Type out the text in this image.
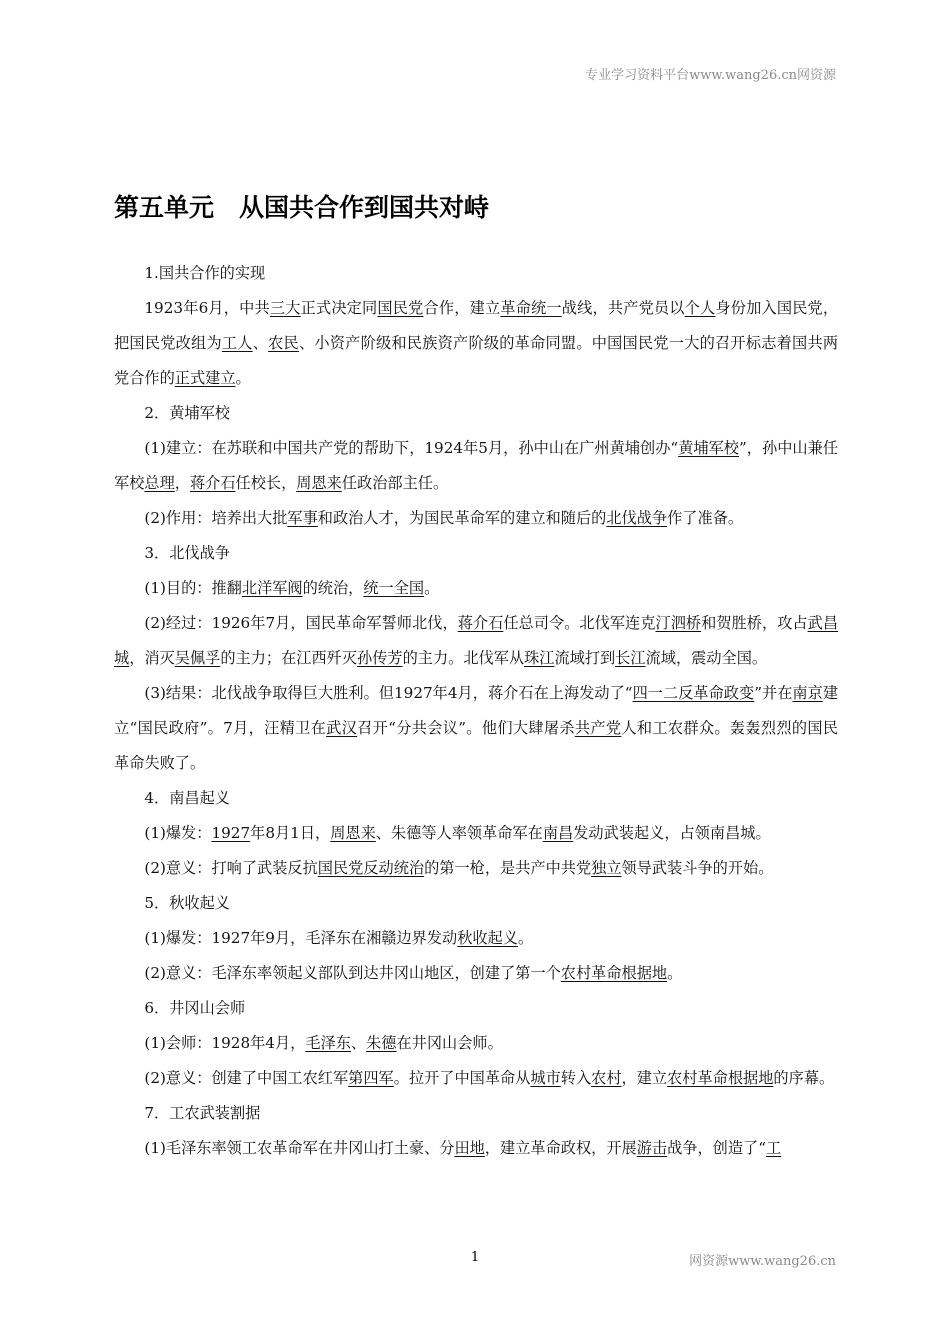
专业学习资料平台www.wang26.cn网资源
第五单元　从国共合作到国共对峙

1.国共合作的实现

1923年6月，中共三大正式决定同国民党合作，建立革命统一战线，共产党员以个人身份加入国民党，把国民党改组为工人、农民、小资产阶级和民族资产阶级的革命同盟。中国国民党一大的召开标志着国共两党合作的正式建立。

2．黄埔军校

(1)建立：在苏联和中国共产党的帮助下，1924年5月，孙中山在广州黄埔创办“黄埔军校”，孙中山兼任军校总理，蒋介石任校长，周恩来任政治部主任。

(2)作用：培养出大批军事和政治人才，为国民革命军的建立和随后的北伐战争作了准备。

3．北伐战争

(1)目的：推翻北洋军阀的统治，统一全国。

(2)经过：1926年7月，国民革命军誓师北伐，蒋介石任总司令。北伐军连克汀泗桥和贺胜桥，攻占武昌城，消灭吴佩孚的主力；在江西歼灭孙传芳的主力。北伐军从珠江流域打到长江流域，震动全国。

(3)结果：北伐战争取得巨大胜利。但1927年4月，蒋介石在上海发动了“四一二反革命政变”并在南京建立“国民政府”。7月，汪精卫在武汉召开“分共会议”。他们大肆屠杀共产党人和工农群众。轰轰烈烈的国民革命失败了。

4．南昌起义

(1)爆发：1927年8月1日，周恩来、朱德等人率领革命军在南昌发动武装起义，占领南昌城。

(2)意义：打响了武装反抗国民党反动统治的第一枪，是共产中共党独立领导武装斗争的开始。

5．秋收起义

(1)爆发：1927年9月，毛泽东在湘赣边界发动秋收起义。

(2)意义：毛泽东率领起义部队到达井冈山地区，创建了第一个农村革命根据地。

6．井冈山会师

(1)会师：1928年4月，毛泽东、朱德在井冈山会师。

(2)意义：创建了中国工农红军第四军。拉开了中国革命从城市转入农村，建立农村革命根据地的序幕。

7．工农武装割据

(1)毛泽东率领工农革命军在井冈山打土豪、分田地，建立革命政权，开展游击战争，创造了“工

1	网资源www.wang26.cn
